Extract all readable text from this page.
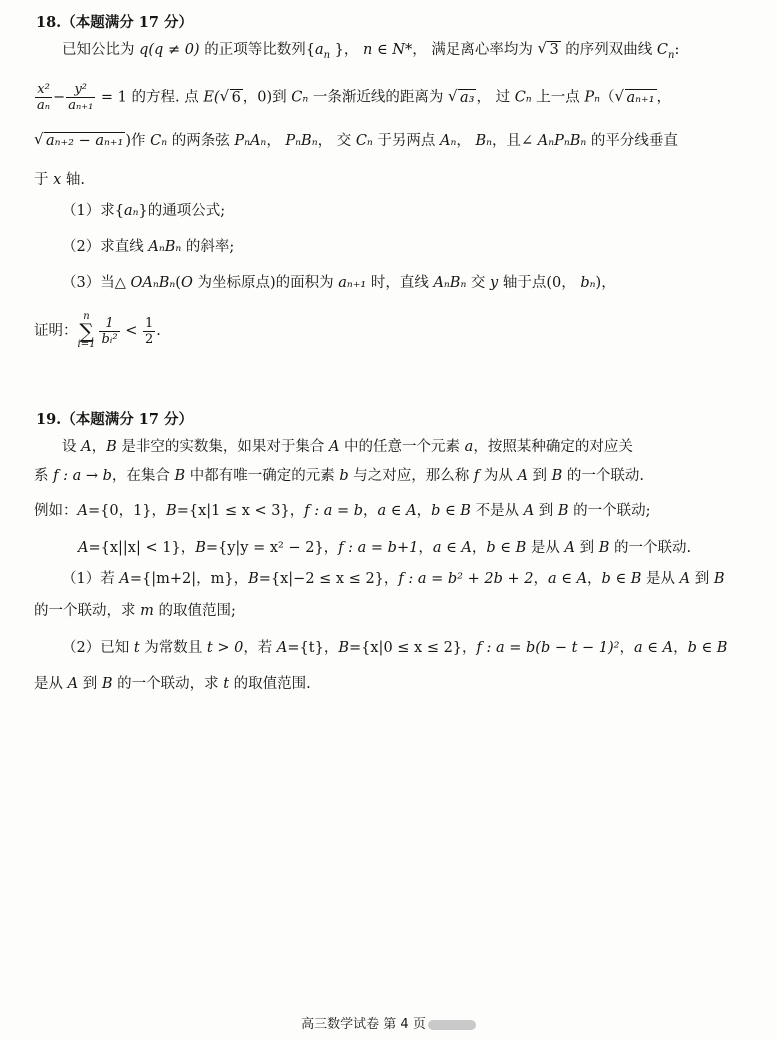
18.（本题满分 17 分）
已知公比为 q(q ≠ 0) 的正项等比数列{$a_n$ }， n ∈ N*， 满足离心率均为 √ 3 的序列双曲线 $C_n$:
$\frac{\text{x²}}{\text{aₙ}} - \frac{\text{y²}}{\text{aₙ₊₁}} = 1$ 的方程. 点 E( √ 6 ，0)到 Cₙ 一条渐近线的距离为 √ a₃ ， 过 Cₙ 上一点 Pₙ（ √ aₙ₊₁ ，
√ aₙ₊₂ − aₙ₊₁ )作 Cₙ 的两条弦 PₙAₙ， PₙBₙ， 交 Cₙ 于另两点 Aₙ， Bₙ，且∠ AₙPₙBₙ 的平分线垂直
于 x 轴.
（1）求{aₙ}的通项公式;
（2）求直线 AₙBₙ 的斜率;
（3）当△ OAₙBₙ(O 为坐标原点)的面积为 aₙ₊₁ 时，直线 AₙBₙ 交 y 轴于点(0， bₙ)，
证明：n
∑
$i=1 \frac{1}{\text{bᵢ²}} < \frac{1}{2}$ .
19.（本题满分 17 分）
设 A，B 是非空的实数集，如果对于集合 A 中的任意一个元素 a，按照某种确定的对应关
系 f : a → b，在集合 B 中都有唯一确定的元素 b 与之对应，那么称 f 为从 A 到 B 的一个联动.
例如：A={0，1}，B={x|1 ≤ x < 3}，f : a = b，a ∈ A，b ∈ B 不是从 A 到 B 的一个联动;
A={x||x| < 1}，B={y|y = x² − 2}，f : a = b+1，a ∈ A，b ∈ B 是从 A 到 B 的一个联动.
（1）若 A={|m+2|，m}，B={x|−2 ≤ x ≤ 2}，f : a = b² + 2b + 2，a ∈ A，b ∈ B 是从 A 到 B
的一个联动，求 m 的取值范围;
（2）已知 t 为常数且 t > 0，若 A={t}，B={x|0 ≤ x ≤ 2}，f : a = b(b − t − 1)²，a ∈ A，b ∈ B
是从 A 到 B 的一个联动，求 t 的取值范围.
高三数学试卷 第 4 页
